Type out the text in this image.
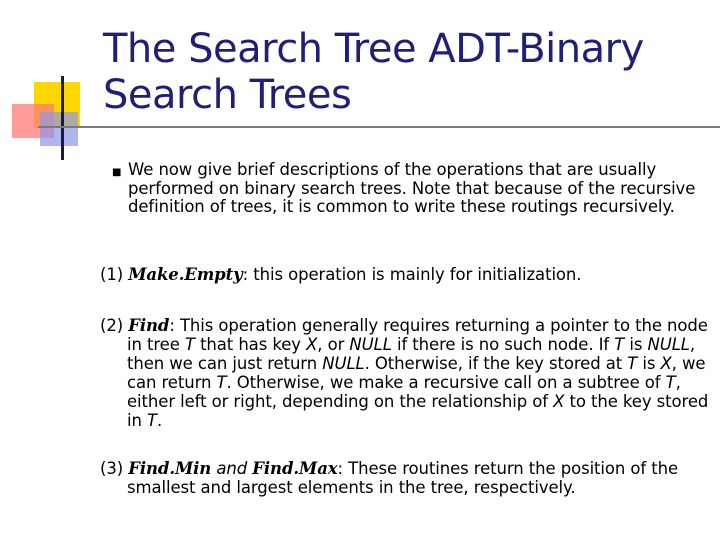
The Search Tree ADT-Binary Search Trees
■ We now give brief descriptions of the operations that are usually performed on binary search trees. Note that because of the recursive definition of trees, it is common to write these routings recursively.
(1) Make.Empty: this operation is mainly for initialization.
(2) Find: This operation generally requires returning a pointer to the node in tree T that has key X, or NULL if there is no such node. If T is NULL, then we can just return NULL. Otherwise, if the key stored at T is X, we can return T. Otherwise, we make a recursive call on a subtree of T, either left or right, depending on the relationship of X to the key stored in T.
(3) Find.Min and Find.Max: These routines return the position of the smallest and largest elements in the tree, respectively.
